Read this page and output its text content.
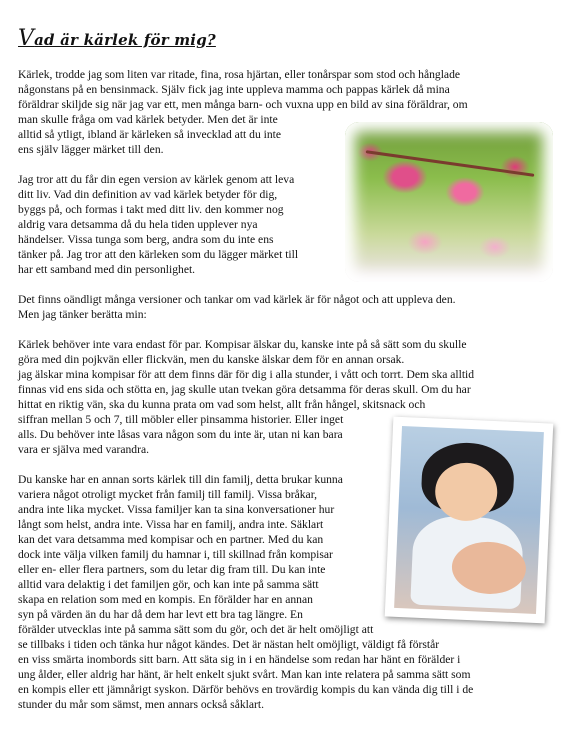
Vad är kärlek för mig?
Kärlek, trodde jag som liten var ritade, fina, rosa hjärtan, eller tonårspar som stod och hånglade
någonstans på en bensinmack. Själv fick jag inte uppleva mamma och pappas kärlek då mina
föräldrar skiljde sig när jag var ett, men många barn- och vuxna upp en bild av sina föräldrar, om
man skulle fråga om vad kärlek betyder. Men det är inte
alltid så ytligt, ibland är kärleken så invecklad att du inte
ens själv lägger märket till den.
Jag tror att du får din egen version av kärlek genom att leva
ditt liv. Vad din definition av vad kärlek betyder för dig,
byggs på, och formas i takt med ditt liv. den kommer nog
aldrig vara detsamma då du hela tiden upplever nya
händelser. Vissa tunga som berg, andra som du inte ens
tänker på. Jag tror att den kärleken som du lägger märket till
har ett samband med din personlighet.
Det finns oändligt många versioner och tankar om vad kärlek är för något och att uppleva den.
Men jag tänker berätta min:
Kärlek behöver inte vara endast för par. Kompisar älskar du, kanske inte på så sätt som du skulle
göra med din pojkvän eller flickvän, men du kanske älskar dem för en annan orsak.
jag älskar mina kompisar för att dem finns där för dig i alla stunder, i vått och torrt. Dem ska alltid
finnas vid ens sida och stötta en, jag skulle utan tvekan göra detsamma för deras skull. Om du har
hittat en riktig vän, ska du kunna prata om vad som helst, allt från hångel, skitsnack och
siffran mellan 5 och 7, till möbler eller pinsamma historier. Eller inget
alls. Du behöver inte låsas vara någon som du inte är, utan ni kan bara
vara er själva med varandra.
Du kanske har en annan sorts kärlek till din familj, detta brukar kunna
variera något otroligt mycket från familj till familj. Vissa bråkar,
andra inte lika mycket. Vissa familjer kan ta sina konversationer hur
långt som helst, andra inte. Vissa har en familj, andra inte. Säklart
kan det vara detsamma med kompisar och en partner. Med du kan
dock inte välja vilken familj du hamnar i, till skillnad från kompisar
eller en- eller flera partners, som du letar dig fram till. Du kan inte
alltid vara delaktig i det familjen gör, och kan inte på samma sätt
skapa en relation som med en kompis. En förälder har en annan
syn på värden än du har då dem har levt ett bra tag längre. En
förälder utvecklas inte på samma sätt som du gör, och det är helt omöjligt att
se tillbaks i tiden och tänka hur något kändes. Det är nästan helt omöjligt, väldigt få förstår
en viss smärta inombords sitt barn. Att säta sig in i en händelse som redan har hänt en förälder i
ung ålder, eller aldrig har hänt, är helt enkelt sjukt svårt. Man kan inte relatera på samma sätt som
en kompis eller ett jämnårigt syskon. Därför behövs en trovärdig kompis du kan vända dig till i de
stunder du mår som sämst, men annars också såklart.
